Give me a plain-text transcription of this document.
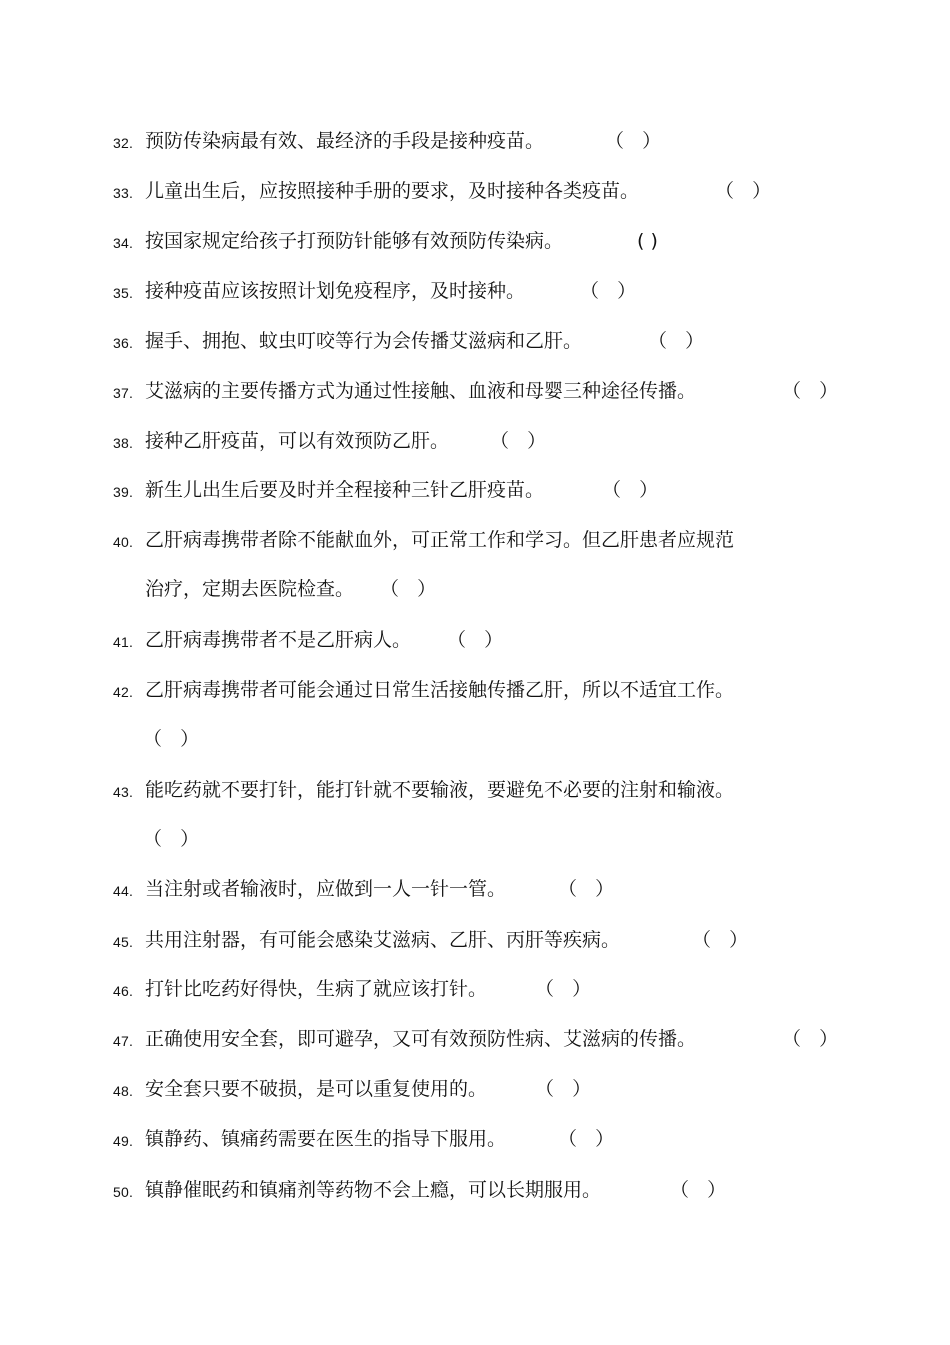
32. 预防传染病最有效、最经济的手段是接种疫苗。	（   ）
33. 儿童出生后，应按照接种手册的要求，及时接种各类疫苗。	（   ）
34. 按国家规定给孩子打预防针能够有效预防传染病。	( )
35. 接种疫苗应该按照计划免疫程序，及时接种。	（   ）
36. 握手、拥抱、蚊虫叮咬等行为会传播艾滋病和乙肝。	（   ）
37. 艾滋病的主要传播方式为通过性接触、血液和母婴三种途径传播。	（   ）
38. 接种乙肝疫苗，可以有效预防乙肝。 （   ）
39. 新生儿出生后要及时并全程接种三针乙肝疫苗。	（   ）
40. 乙肝病毒携带者除不能献血外，可正常工作和学习。但乙肝患者应规范
治疗，定期去医院检查。 （   ）
41. 乙肝病毒携带者不是乙肝病人。 （   ）
42. 乙肝病毒携带者可能会通过日常生活接触传播乙肝，所以不适宜工作。
（   ）
43. 能吃药就不要打针，能打针就不要输液，要避免不必要的注射和输液。
（   ）
44. 当注射或者输液时，应做到一人一针一管。	（   ）
45. 共用注射器，有可能会感染艾滋病、乙肝、丙肝等疾病。	（   ）
46. 打针比吃药好得快，生病了就应该打针。	（   ）
47. 正确使用安全套，即可避孕，又可有效预防性病、艾滋病的传播。	（   ）
48. 安全套只要不破损，是可以重复使用的。	（   ）
49. 镇静药、镇痛药需要在医生的指导下服用。	（   ）
50. 镇静催眠药和镇痛剂等药物不会上瘾，可以长期服用。	（   ）
